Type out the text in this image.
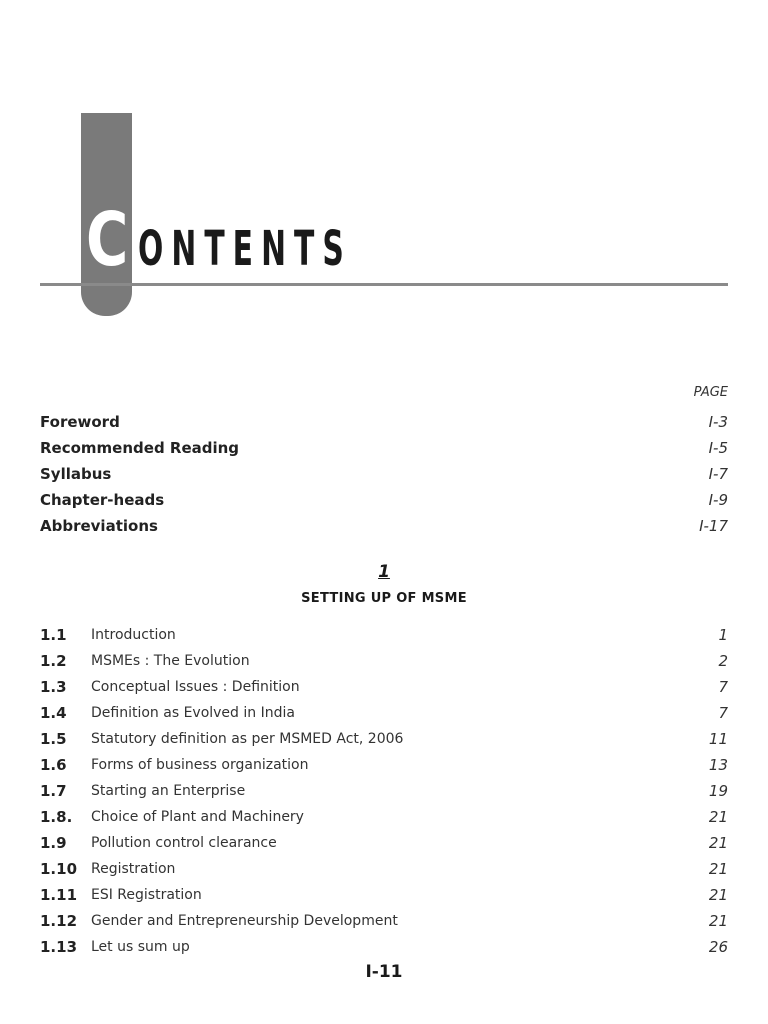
C ONTENTS
PAGE
Foreword	I-3
Recommended Reading	I-5
Syllabus	I-7
Chapter-heads	I-9
Abbreviations	I-17
1
SETTING UP OF MSME
1.1	Introduction	1
1.2	MSMEs : The Evolution	2
1.3	Conceptual Issues : Definition	7
1.4	Definition as Evolved in India	7
1.5	Statutory definition as per MSMED Act, 2006	11
1.6	Forms of business organization	13
1.7	Starting an Enterprise	19
1.8.	Choice of Plant and Machinery	21
1.9	Pollution control clearance	21
1.10 Registration	21
1.11 ESI Registration	21
1.12 Gender and Entrepreneurship Development	21
1.13 Let us sum up	26
I-11
